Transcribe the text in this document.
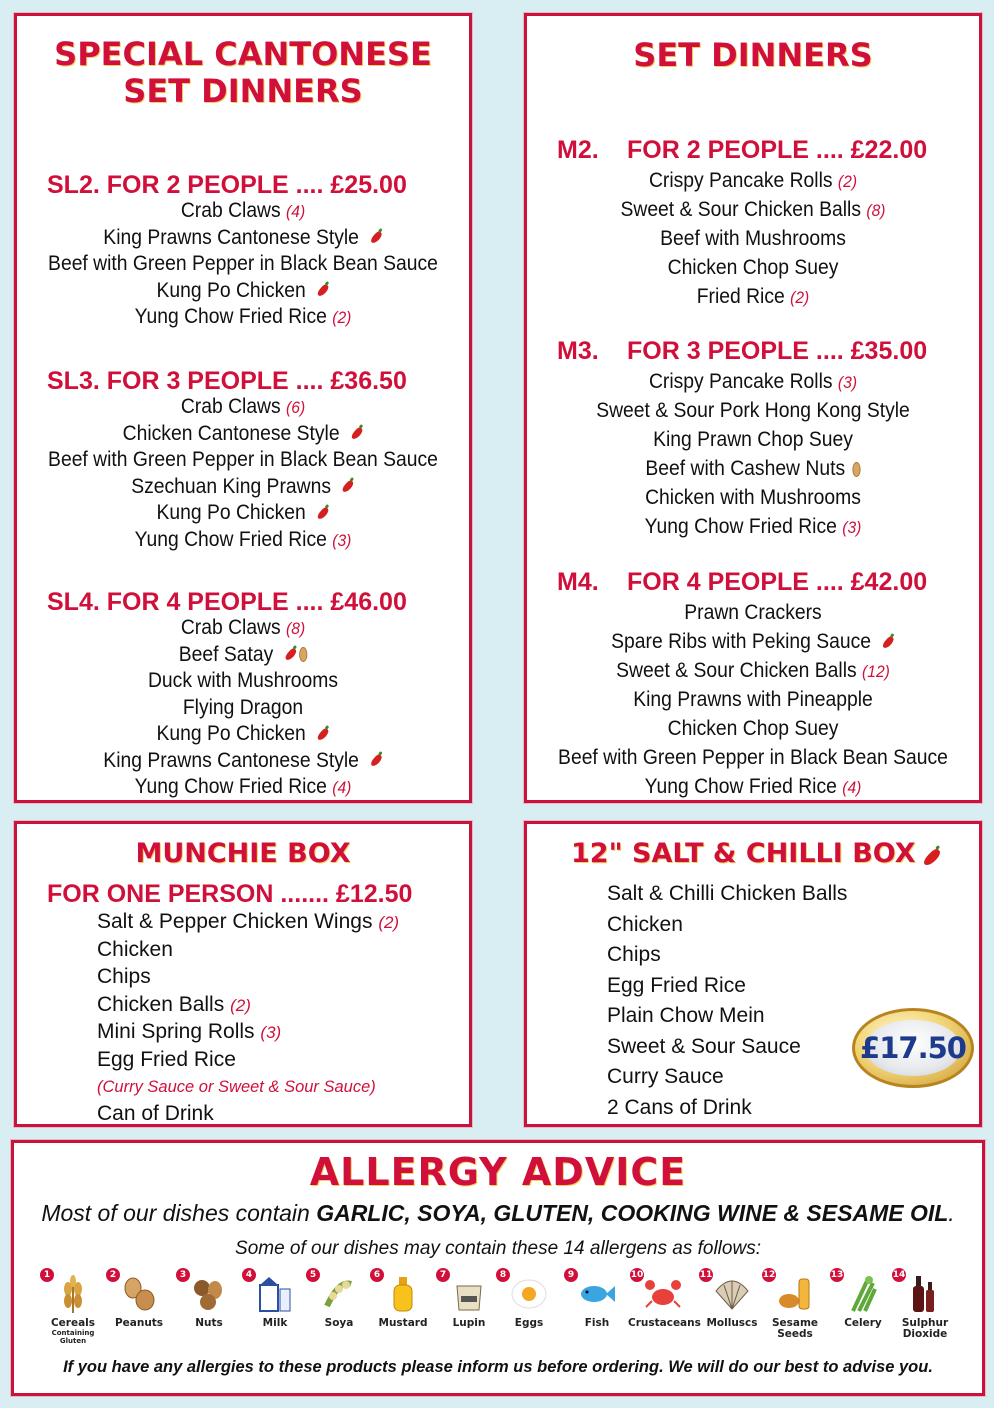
SPECIAL CANTONESE
SET DINNERS
SL2. FOR 2 PEOPLE .... £25.00
Crab Claws (4)
King Prawns Cantonese Style
Beef with Green Pepper in Black Bean Sauce
Kung Po Chicken
Yung Chow Fried Rice (2)
SL3. FOR 3 PEOPLE .... £36.50
Crab Claws (6)
Chicken Cantonese Style
Beef with Green Pepper in Black Bean Sauce
Szechuan King Prawns
Kung Po Chicken
Yung Chow Fried Rice (3)
SL4. FOR 4 PEOPLE .... £46.00
Crab Claws (8)
Beef Satay
Duck with Mushrooms
Flying Dragon
Kung Po Chicken
King Prawns Cantonese Style
Yung Chow Fried Rice (4)
SET DINNERS
M2. FOR 2 PEOPLE .... £22.00
Crispy Pancake Rolls (2)
Sweet & Sour Chicken Balls (8)
Beef with Mushrooms
Chicken Chop Suey
Fried Rice (2)
M3. FOR 3 PEOPLE .... £35.00
Crispy Pancake Rolls (3)
Sweet & Sour Pork Hong Kong Style
King Prawn Chop Suey
Beef with Cashew Nuts
Chicken with Mushrooms
Yung Chow Fried Rice (3)
M4. FOR 4 PEOPLE .... £42.00
Prawn Crackers
Spare Ribs with Peking Sauce
Sweet & Sour Chicken Balls (12)
King Prawns with Pineapple
Chicken Chop Suey
Beef with Green Pepper in Black Bean Sauce
Yung Chow Fried Rice (4)
MUNCHIE BOX
FOR ONE PERSON ....... £12.50
Salt & Pepper Chicken Wings (2)
Chicken
Chips
Chicken Balls (2)
Mini Spring Rolls (3)
Egg Fried Rice
(Curry Sauce or Sweet & Sour Sauce)
Can of Drink
12" SALT & CHILLI BOX
Salt & Chilli Chicken Balls
Chicken
Chips
Egg Fried Rice
Plain Chow Mein
Sweet & Sour Sauce
Curry Sauce
2 Cans of Drink
£17.50
ALLERGY ADVICE
Most of our dishes contain GARLIC, SOYA, GLUTEN, COOKING WINE & SESAME OIL.
Some of our dishes may contain these 14 allergens as follows:
If you have any allergies to these products please inform us before ordering. We will do our best to advise you.
1
Cereals
Containing Gluten
2
Peanuts
3
Nuts
4
Milk
5
Soya
6
Mustard
7
Lupin
8
Eggs
9
Fish
10
Crustaceans
11
Molluscs
12
Sesame Seeds
13
Celery
14
Sulphur Dioxide
